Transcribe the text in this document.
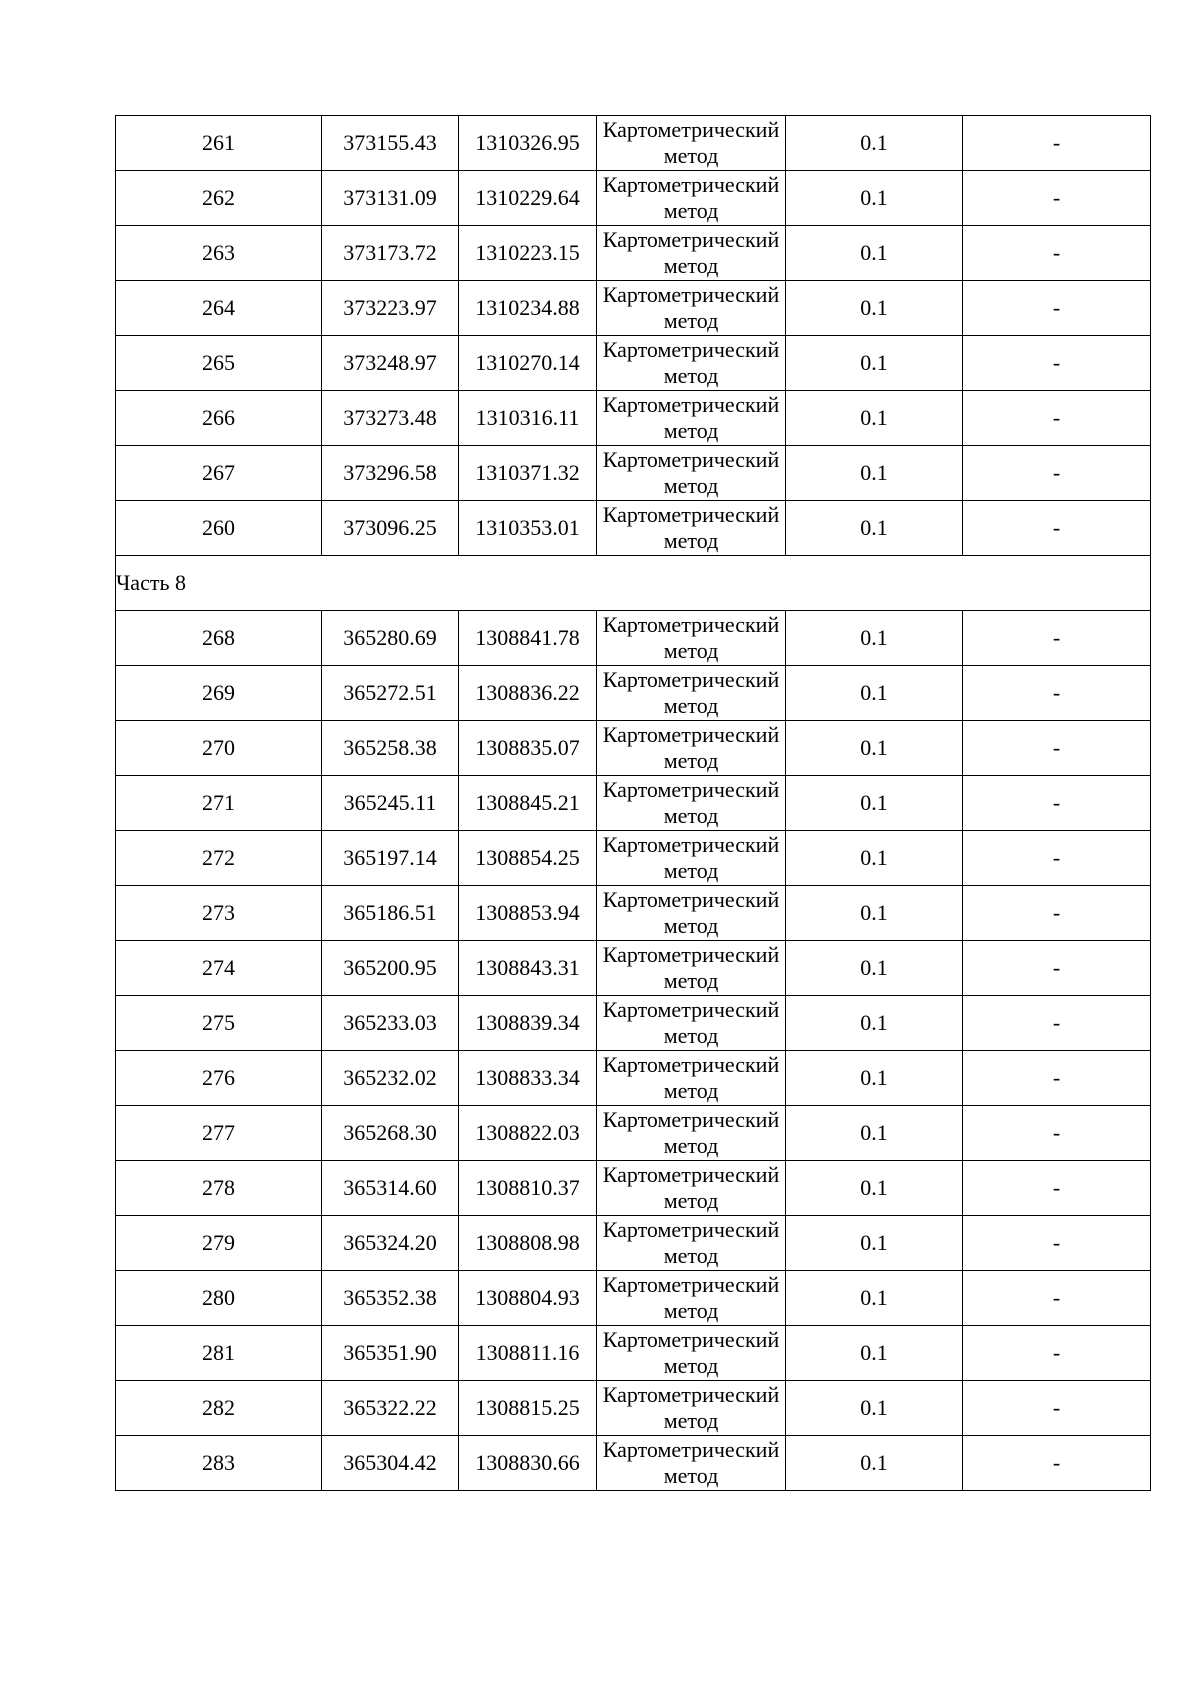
261	373155.43	1310326.95	Картометрический метод	0.1	-
262	373131.09	1310229.64	Картометрический метод	0.1	-
263	373173.72	1310223.15	Картометрический метод	0.1	-
264	373223.97	1310234.88	Картометрический метод	0.1	-
265	373248.97	1310270.14	Картометрический метод	0.1	-
266	373273.48	1310316.11	Картометрический метод	0.1	-
267	373296.58	1310371.32	Картометрический метод	0.1	-
260	373096.25	1310353.01	Картометрический метод	0.1	-
Часть 8					
268	365280.69	1308841.78	Картометрический метод	0.1	-
269	365272.51	1308836.22	Картометрический метод	0.1	-
270	365258.38	1308835.07	Картометрический метод	0.1	-
271	365245.11	1308845.21	Картометрический метод	0.1	-
272	365197.14	1308854.25	Картометрический метод	0.1	-
273	365186.51	1308853.94	Картометрический метод	0.1	-
274	365200.95	1308843.31	Картометрический метод	0.1	-
275	365233.03	1308839.34	Картометрический метод	0.1	-
276	365232.02	1308833.34	Картометрический метод	0.1	-
277	365268.30	1308822.03	Картометрический метод	0.1	-
278	365314.60	1308810.37	Картометрический метод	0.1	-
279	365324.20	1308808.98	Картометрический метод	0.1	-
280	365352.38	1308804.93	Картометрический метод	0.1	-
281	365351.90	1308811.16	Картометрический метод	0.1	-
282	365322.22	1308815.25	Картометрический метод	0.1	-
283	365304.42	1308830.66	Картометрический метод	0.1	-
